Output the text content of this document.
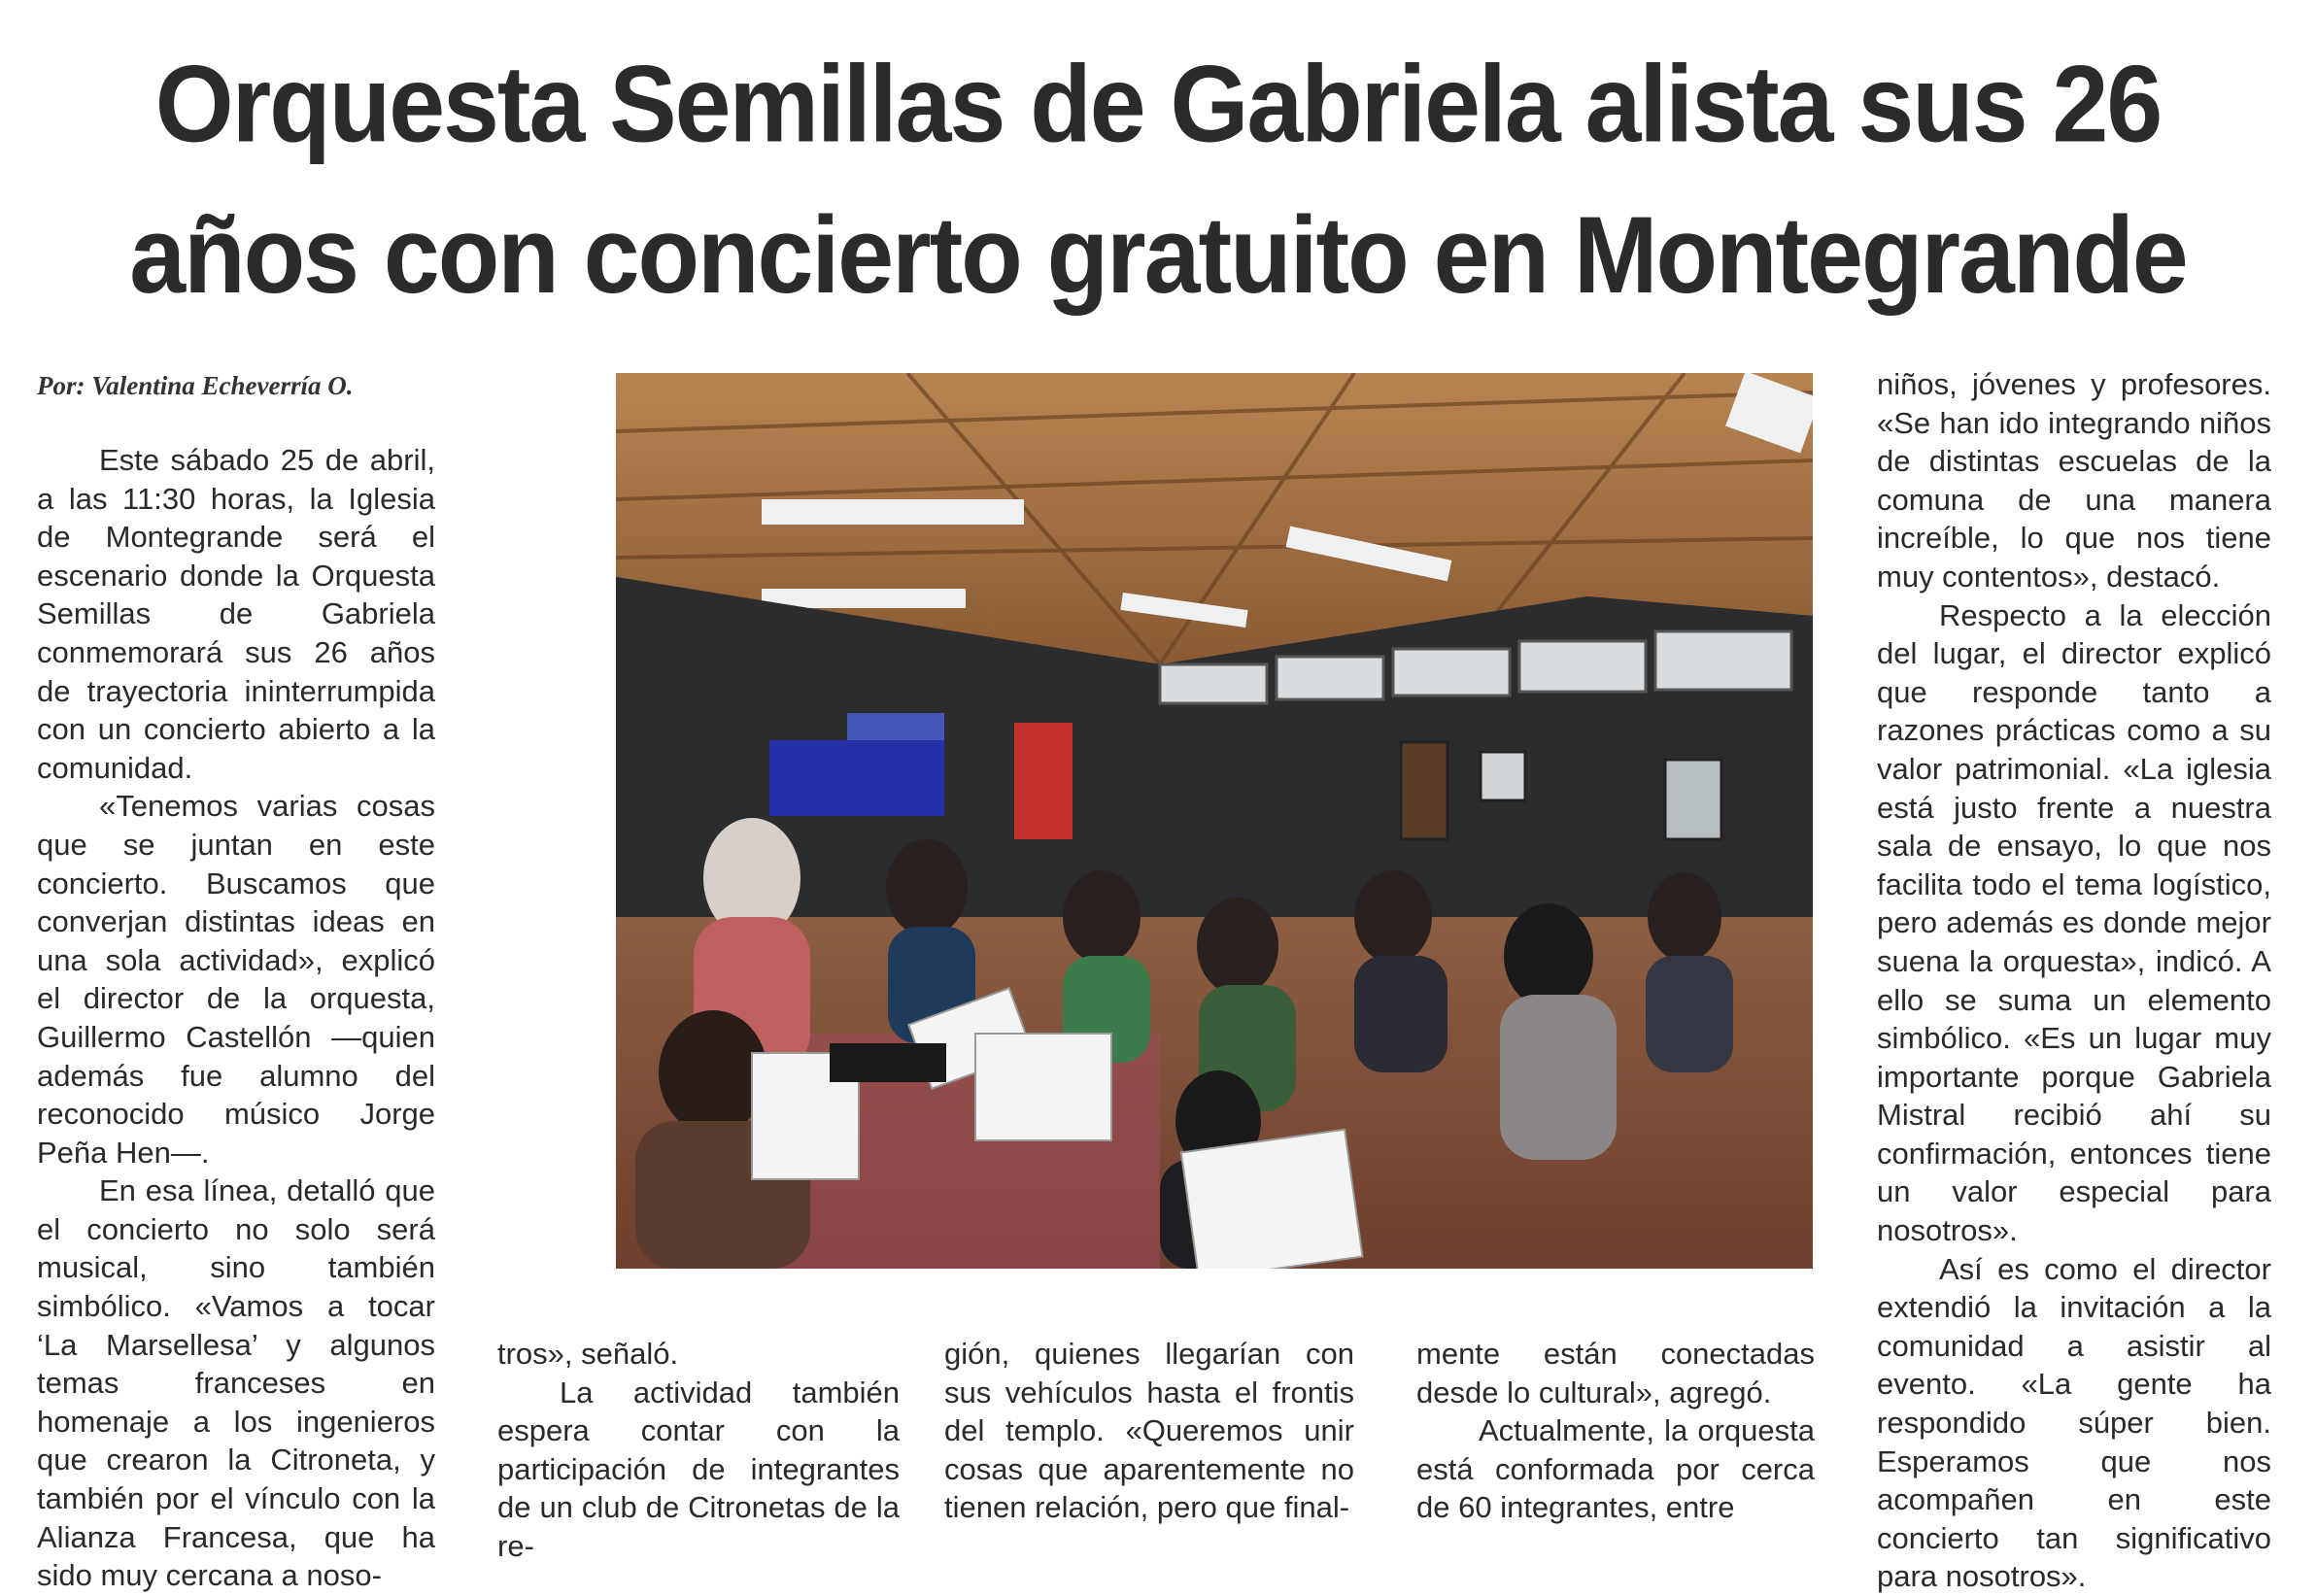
Orquesta Semillas de Gabriela alista sus 26 años con concierto gratuito en Montegrande
Por: Valentina Echeverría O.

Este sábado 25 de abril, a las 11:30 horas, la Iglesia de Montegrande será el escenario donde la Orquesta Semillas de Gabriela conmemorará sus 26 años de trayectoria ininterrumpida con un concierto abierto a la comunidad.

«Tenemos varias cosas que se juntan en este concierto. Buscamos que converjan distintas ideas en una sola actividad», explicó el director de la orquesta, Guillermo Castellón —quien además fue alumno del reconocido músico Jorge Peña Hen—.

En esa línea, detalló que el concierto no solo será musical, sino también simbólico. «Vamos a tocar ‘La Marsellesa’ y algunos temas franceses en homenaje a los ingenieros que crearon la Citroneta, y también por el vínculo con la Alianza Francesa, que ha sido muy cercana a noso-

tros», señaló.

La actividad también espera contar con la participación de integrantes de un club de Citronetas de la re-

gión, quienes llegarían con sus vehículos hasta el frontis del templo. «Queremos unir cosas que aparentemente no tienen relación, pero que final-

mente están conectadas desde lo cultural», agregó.

Actualmente, la orquesta está conformada por cerca de 60 integrantes, entre

niños, jóvenes y profesores. «Se han ido integrando niños de distintas escuelas de la comuna de una manera increíble, lo que nos tiene muy contentos», destacó.

Respecto a la elección del lugar, el director explicó que responde tanto a razones prácticas como a su valor patrimonial. «La iglesia está justo frente a nuestra sala de ensayo, lo que nos facilita todo el tema logístico, pero además es donde mejor suena la orquesta», indicó. A ello se suma un elemento simbólico. «Es un lugar muy importante porque Gabriela Mistral recibió ahí su confirmación, entonces tiene un valor especial para nosotros».

Así es como el director extendió la invitación a la comunidad a asistir al evento. «La gente ha respondido súper bien. Esperamos que nos acompañen en este concierto tan significativo para nosotros».
